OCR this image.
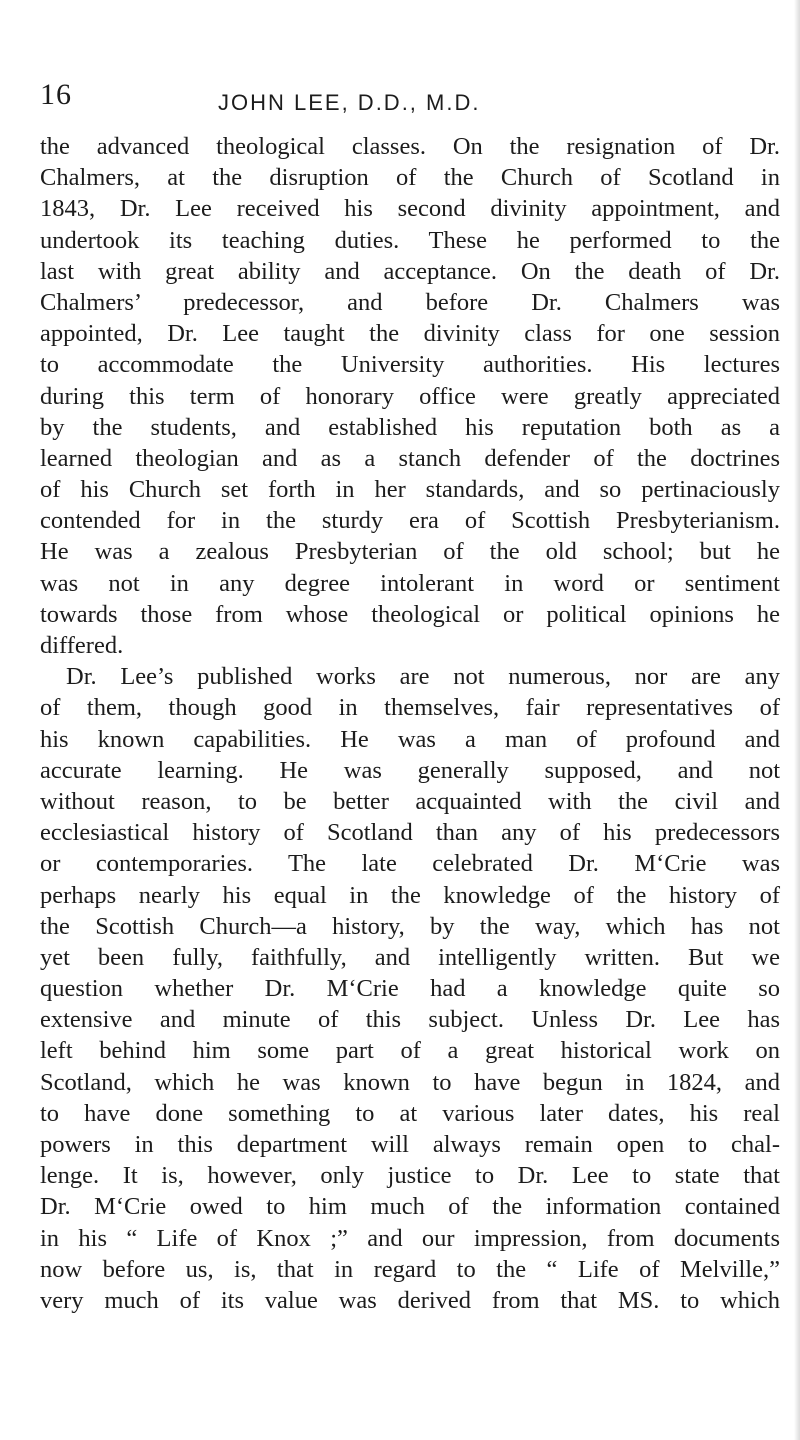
16	JOHN LEE, D.D., M.D.
the advanced theological classes. On the resignation of Dr.
Chalmers, at the disruption of the Church of Scotland in
1843, Dr. Lee received his second divinity appointment, and
undertook its teaching duties. These he performed to the
last with great ability and acceptance. On the death of Dr.
Chalmers’ predecessor, and before Dr. Chalmers was
appointed, Dr. Lee taught the divinity class for one session
to accommodate the University authorities. His lectures
during this term of honorary office were greatly appreciated
by the students, and established his reputation both as a
learned theologian and as a stanch defender of the doctrines
of his Church set forth in her standards, and so pertinaciously
contended for in the sturdy era of Scottish Presbyterianism.
He was a zealous Presbyterian of the old school; but he
was not in any degree intolerant in word or sentiment
towards those from whose theological or political opinions he
differed.
Dr. Lee’s published works are not numerous, nor are any
of them, though good in themselves, fair representatives of
his known capabilities. He was a man of profound and
accurate learning. He was generally supposed, and not
without reason, to be better acquainted with the civil and
ecclesiastical history of Scotland than any of his predecessors
or contemporaries. The late celebrated Dr. M‘Crie was
perhaps nearly his equal in the knowledge of the history of
the Scottish Church—a history, by the way, which has not
yet been fully, faithfully, and intelligently written. But we
question whether Dr. M‘Crie had a knowledge quite so
extensive and minute of this subject. Unless Dr. Lee has
left behind him some part of a great historical work on
Scotland, which he was known to have begun in 1824, and
to have done something to at various later dates, his real
powers in this department will always remain open to chal-
lenge. It is, however, only justice to Dr. Lee to state that
Dr. M‘Crie owed to him much of the information contained
in his “ Life of Knox ;” and our impression, from documents
now before us, is, that in regard to the “ Life of Melville,”
very much of its value was derived from that MS. to which
